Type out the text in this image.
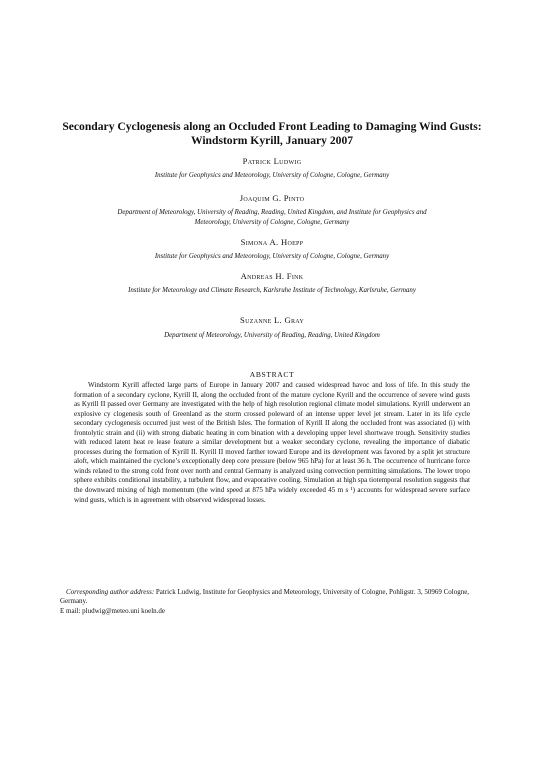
Secondary Cyclogenesis along an Occluded Front Leading to Damaging Wind Gusts: Windstorm Kyrill, January 2007
Patrick Ludwig
Institute for Geophysics and Meteorology, University of Cologne, Cologne, Germany
Joaquim G. Pinto
Department of Meteorology, University of Reading, Reading, United Kingdom, and Institute for Geophysics and Meteorology, University of Cologne, Cologne, Germany
Simona A. Hoepp
Institute for Geophysics and Meteorology, University of Cologne, Cologne, Germany
Andreas H. Fink
Institute for Meteorology and Climate Research, Karlsruhe Institute of Technology, Karlsruhe, Germany
Suzanne L. Gray
Department of Meteorology, University of Reading, Reading, United Kingdom
ABSTRACT

Windstorm Kyrill affected large parts of Europe in January 2007 and caused widespread havoc and loss of life. In this study the formation of a secondary cyclone, Kyrill II, along the occluded front of the mature cyclone Kyrill and the occurrence of severe wind gusts as Kyrill II passed over Germany are investigated with the help of high resolution regional climate model simulations. Kyrill underwent an explosive cy clogenesis south of Greenland as the storm crossed poleward of an intense upper level jet stream. Later in its life cycle secondary cyclogenesis occurred just west of the British Isles. The formation of Kyrill II along the occluded front was associated (i) with frontolytic strain and (ii) with strong diabatic heating in com bination with a developing upper level shortwave trough. Sensitivity studies with reduced latent heat re lease feature a similar development but a weaker secondary cyclone, revealing the importance of diabatic processes during the formation of Kyrill II. Kyrill II moved farther toward Europe and its development was favored by a split jet structure aloft, which maintained the cyclone’s exceptionally deep core pressure (below 965 hPa) for at least 36 h. The occurrence of hurricane force winds related to the strong cold front over north and central Germany is analyzed using convection permitting simulations. The lower tropo sphere exhibits conditional instability, a turbulent flow, and evaporative cooling. Simulation at high spa tiotemporal resolution suggests that the downward mixing of high momentum (the wind speed at 875 hPa widely exceeded 45 m s ¹) accounts for widespread severe surface wind gusts, which is in agreement with observed widespread losses.

Corresponding author address: Patrick Ludwig, Institute for Geophysics and Meteorology, University of Cologne, Pohligstr. 3, 50969 Cologne, Germany.
E mail: pludwig@meteo.uni koeln.de
